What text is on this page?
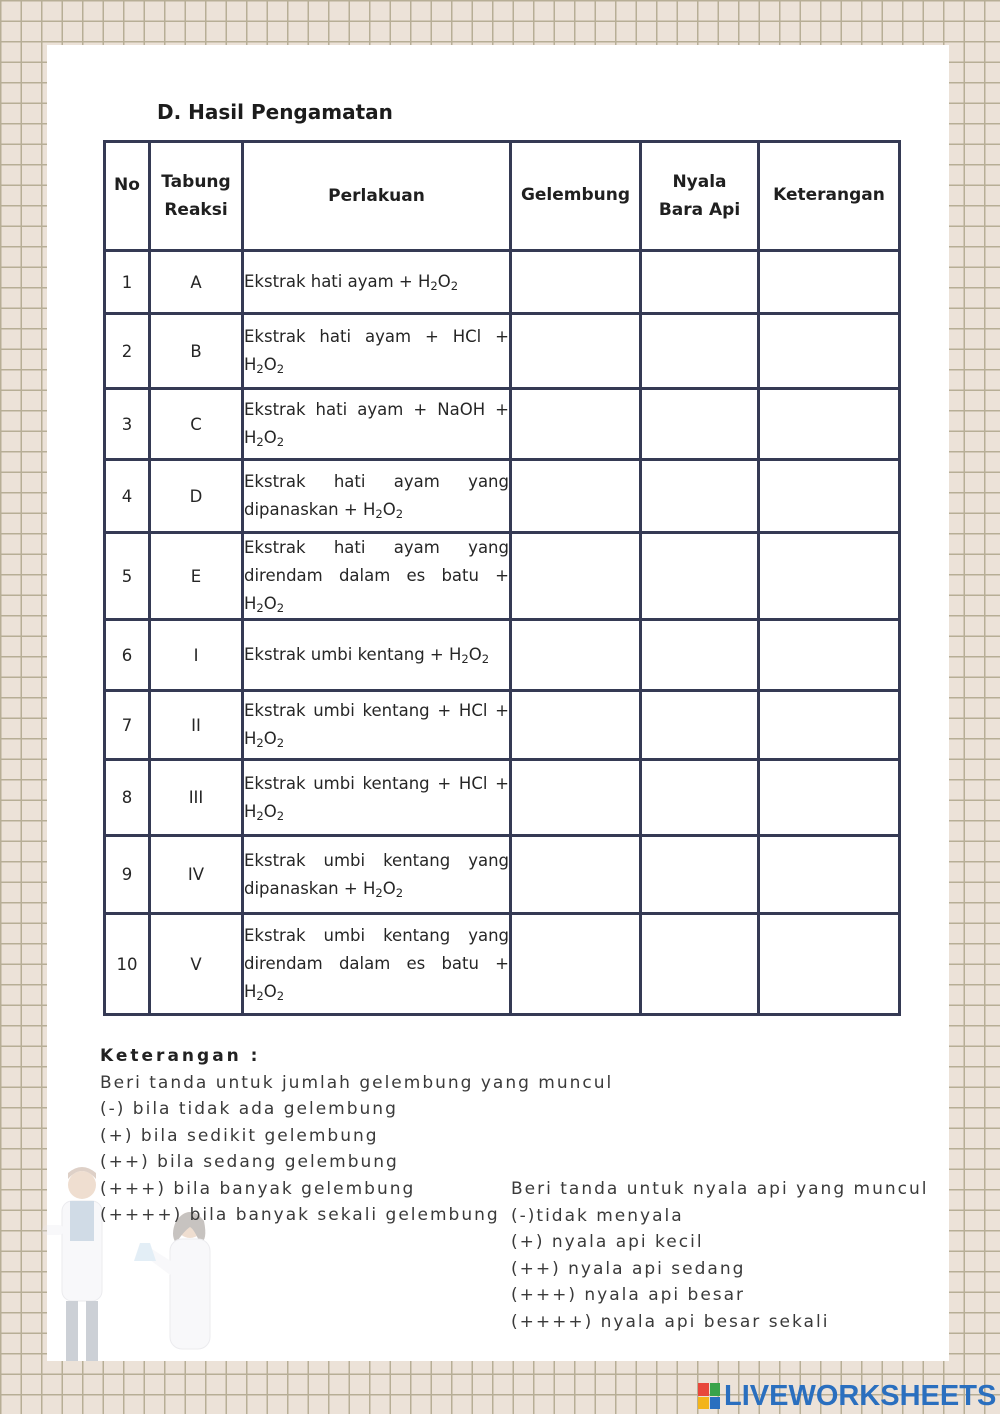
D. Hasil Pengamatan
No	Tabung Reaksi	Perlakuan	Gelembung	Nyala Bara Api	Keterangan
1	A	Ekstrak hati ayam + $H_2O_2$			
2	B	Ekstrak hati ayam + HCl + $H_2O_2$			
3	C	Ekstrak hati ayam + NaOH + $H_2O_2$			
4	D	Ekstrak hati ayam yang dipanaskan + $H_2O_2$			
5	E	Ekstrak hati ayam yang direndam dalam es batu + $H_2O_2$			
6	I	Ekstrak umbi $kentang + H_2O_2$			
7	II	Ekstrak umbi kentang + HCl + $H_2O_2$			
8	III	Ekstrak umbi kentang + HCl + $H_2O_2$			
9	IV	Ekstrak umbi kentang yang dipanaskan + $H_2O_2$			
10	V	Ekstrak umbi kentang yang direndam dalam es batu + $H_2O_2$			
Keterangan :
Beri tanda untuk jumlah gelembung yang muncul
(-) bila tidak ada gelembung
(+) bila sedikit gelembung
(++) bila sedang gelembung
(+++) bila banyak gelembung
(++++) bila banyak sekali gelembung
Beri tanda untuk nyala api yang muncul
(-)tidak menyala
(+) nyala api kecil
(++) nyala api sedang
(+++) nyala api besar
(++++) nyala api besar sekali
LIVEWORKSHEETS
